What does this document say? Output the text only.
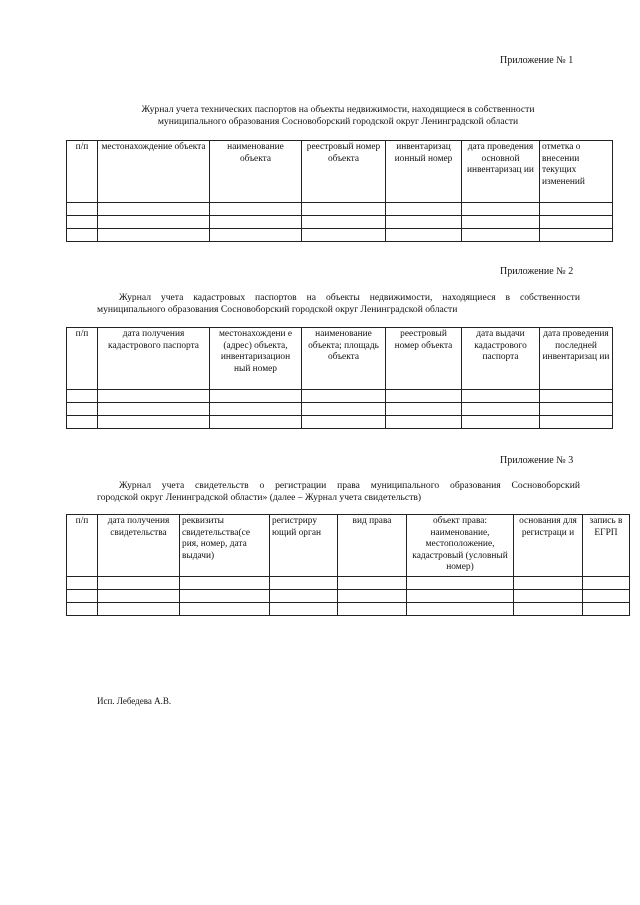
Приложение № 1
Журнал учета технических паспортов на объекты недвижимости, находящиеся в собственности
муниципального образования Сосновоборский городской округ Ленинградской области
п/п	местонахождение объекта	наименование объекта	реестровый номер объекта	инвентаризац ионный номер	дата проведения основной инвентаризац ии	отметка о внесении текущих изменений

Приложение № 2
Журнал учета кадастровых паспортов на объекты недвижимости, находящиеся в собственности
муниципального образования Сосновоборский городской округ Ленинградской области
п/п	дата получения кадастрового паспорта	местонахождени е (адрес) объекта, инвентаризацион ный номер	наименование объекта; площадь объекта	реестровый номер объекта	дата выдачи кадастрового паспорта	дата проведения последней инвентаризац ии

Приложение № 3
Журнал учета свидетельств о регистрации права муниципального образования Сосновоборский
городской округ Ленинградской области» (далее – Журнал учета свидетельств)
п/п	дата получения свидетельства	реквизиты свидетельства(се рия, номер, дата выдачи)	регистриру ющий орган	вид права	объект права: наименование, местоположение, кадастровый (условный номер)	основания для регистраци и	запись в ЕГРП

Исп. Лебедева А.В.
